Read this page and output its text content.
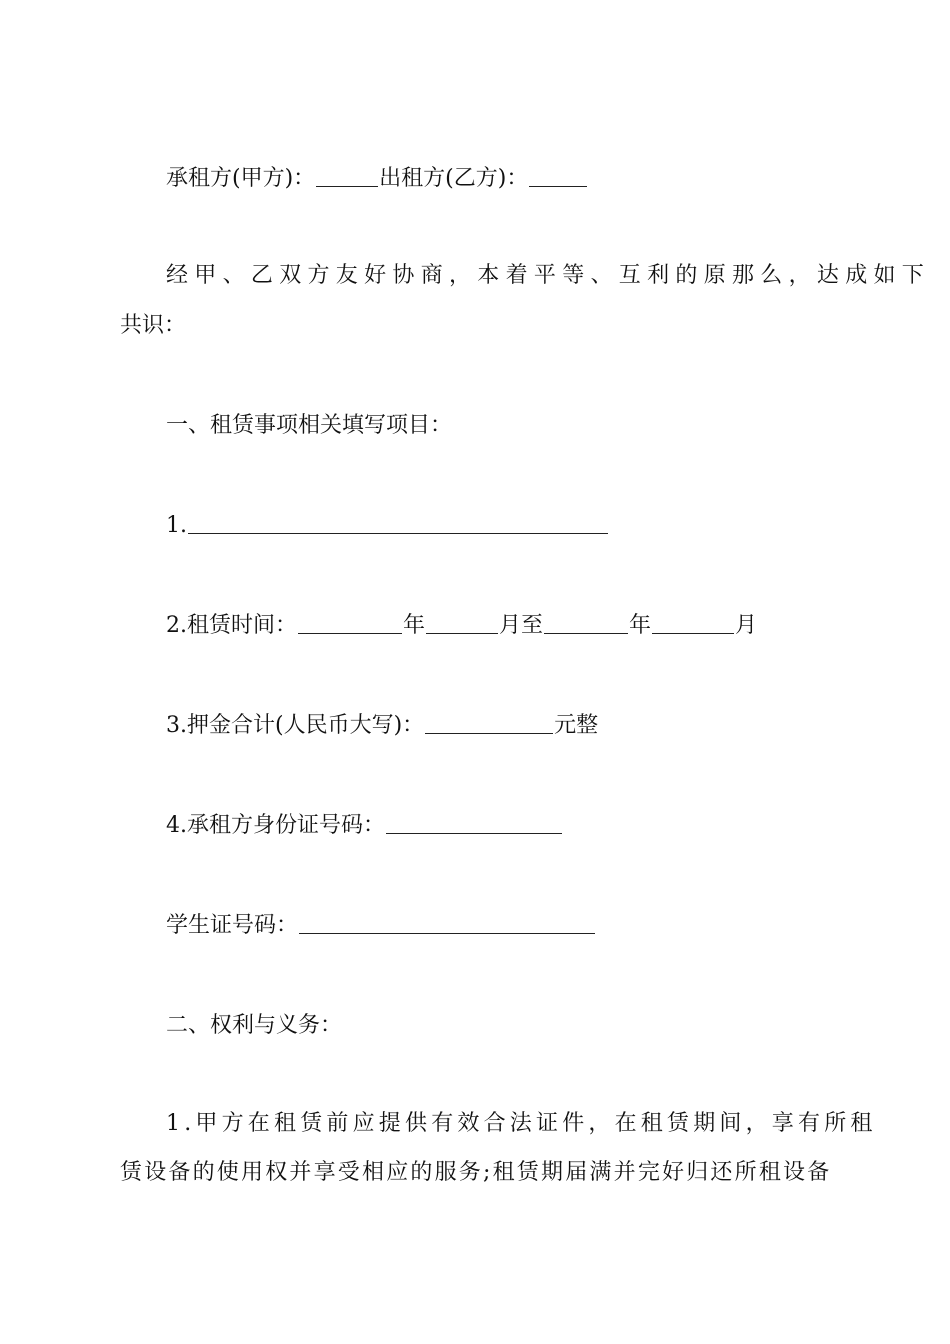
承租方(甲方)：	出租方(乙方)：
经甲、乙双方友好协商，本着平等、互利的原那么，达成如下
共识：
一、租赁事项相关填写项目：
1.
2.租赁时间：	年	月至	年	月
3.押金合计(人民币大写)：	元整
4.承租方身份证号码：
学生证号码：
二、权利与义务：
1.甲方在租赁前应提供有效合法证件，在租赁期间，享有所租
赁设备的使用权并享受相应的服务;租赁期届满并完好归还所租设备
